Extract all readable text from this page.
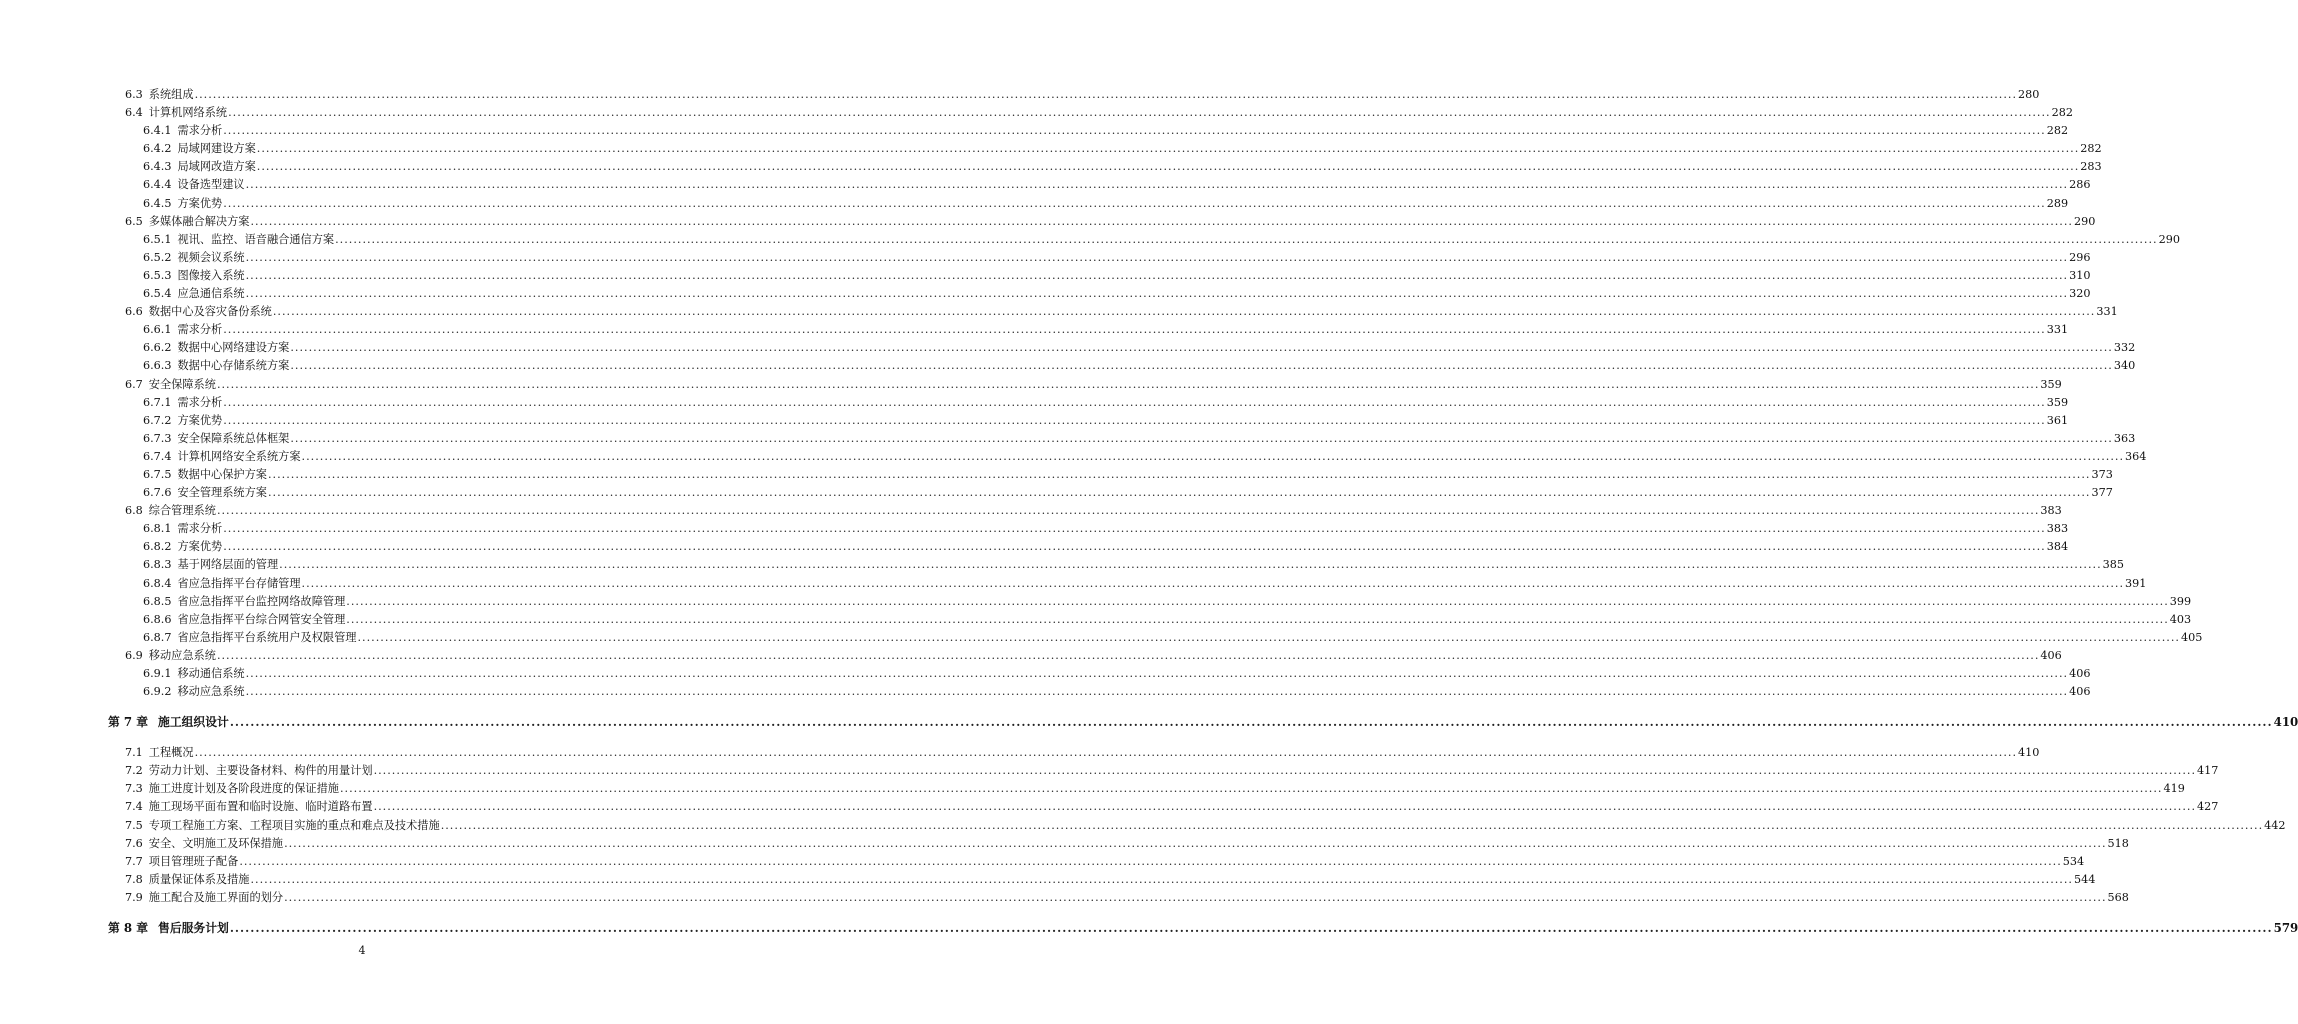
6.3 系统组成 ................................................................................................................................................................................................................................................................................................................................................................................................................ 280
6.4 计算机网络系统 ................................................................................................................................................................................................................................................................................................................................................................................................................ 282
6.4.1 需求分析 ................................................................................................................................................................................................................................................................................................................................................................................................................ 282
6.4.2 局域网建设方案 ................................................................................................................................................................................................................................................................................................................................................................................................................ 282
6.4.3 局域网改造方案 ................................................................................................................................................................................................................................................................................................................................................................................................................ 283
6.4.4 设备选型建议 ................................................................................................................................................................................................................................................................................................................................................................................................................ 286
6.4.5 方案优势 ................................................................................................................................................................................................................................................................................................................................................................................................................ 289
6.5 多媒体融合解决方案 ................................................................................................................................................................................................................................................................................................................................................................................................................ 290
6.5.1 视讯、监控、语音融合通信方案 ................................................................................................................................................................................................................................................................................................................................................................................................................ 290
6.5.2 视频会议系统 ................................................................................................................................................................................................................................................................................................................................................................................................................ 296
6.5.3 图像接入系统 ................................................................................................................................................................................................................................................................................................................................................................................................................ 310
6.5.4 应急通信系统 ................................................................................................................................................................................................................................................................................................................................................................................................................ 320
6.6 数据中心及容灾备份系统 ................................................................................................................................................................................................................................................................................................................................................................................................................ 331
6.6.1 需求分析 ................................................................................................................................................................................................................................................................................................................................................................................................................ 331
6.6.2 数据中心网络建设方案 ................................................................................................................................................................................................................................................................................................................................................................................................................ 332
6.6.3 数据中心存储系统方案 ................................................................................................................................................................................................................................................................................................................................................................................................................ 340
6.7 安全保障系统 ................................................................................................................................................................................................................................................................................................................................................................................................................ 359
6.7.1 需求分析 ................................................................................................................................................................................................................................................................................................................................................................................................................ 359
6.7.2 方案优势 ................................................................................................................................................................................................................................................................................................................................................................................................................ 361
6.7.3 安全保障系统总体框架 ................................................................................................................................................................................................................................................................................................................................................................................................................ 363
6.7.4 计算机网络安全系统方案 ................................................................................................................................................................................................................................................................................................................................................................................................................ 364
6.7.5 数据中心保护方案 ................................................................................................................................................................................................................................................................................................................................................................................................................ 373
6.7.6 安全管理系统方案 ................................................................................................................................................................................................................................................................................................................................................................................................................ 377
6.8 综合管理系统 ................................................................................................................................................................................................................................................................................................................................................................................................................ 383
6.8.1 需求分析 ................................................................................................................................................................................................................................................................................................................................................................................................................ 383
6.8.2 方案优势 ................................................................................................................................................................................................................................................................................................................................................................................................................ 384
6.8.3 基于网络层面的管理 ................................................................................................................................................................................................................................................................................................................................................................................................................ 385
6.8.4 省应急指挥平台存储管理 ................................................................................................................................................................................................................................................................................................................................................................................................................ 391
6.8.5 省应急指挥平台监控网络故障管理 ................................................................................................................................................................................................................................................................................................................................................................................................................ 399
6.8.6 省应急指挥平台综合网管安全管理 ................................................................................................................................................................................................................................................................................................................................................................................................................ 403
6.8.7 省应急指挥平台系统用户及权限管理 ................................................................................................................................................................................................................................................................................................................................................................................................................ 405
6.9 移动应急系统 ................................................................................................................................................................................................................................................................................................................................................................................................................ 406
6.9.1 移动通信系统 ................................................................................................................................................................................................................................................................................................................................................................................................................ 406
6.9.2 移动应急系统 ................................................................................................................................................................................................................................................................................................................................................................................................................ 406
第 7 章 施工组织设计 ................................................................................................................................................................................................................................................................................................................................................................................................................ 410
7.1 工程概况 ................................................................................................................................................................................................................................................................................................................................................................................................................ 410
7.2 劳动力计划、主要设备材料、构件的用量计划 ................................................................................................................................................................................................................................................................................................................................................................................................................ 417
7.3 施工进度计划及各阶段进度的保证措施 ................................................................................................................................................................................................................................................................................................................................................................................................................ 419
7.4 施工现场平面布置和临时设施、临时道路布置 ................................................................................................................................................................................................................................................................................................................................................................................................................ 427
7.5 专项工程施工方案、工程项目实施的重点和难点及技术措施 ................................................................................................................................................................................................................................................................................................................................................................................................................ 442
7.6 安全、文明施工及环保措施 ................................................................................................................................................................................................................................................................................................................................................................................................................ 518
7.7 项目管理班子配备 ................................................................................................................................................................................................................................................................................................................................................................................................................ 534
7.8 质量保证体系及措施 ................................................................................................................................................................................................................................................................................................................................................................................................................ 544
7.9 施工配合及施工界面的划分 ................................................................................................................................................................................................................................................................................................................................................................................................................ 568
第 8 章 售后服务计划 ................................................................................................................................................................................................................................................................................................................................................................................................................ 579
4
